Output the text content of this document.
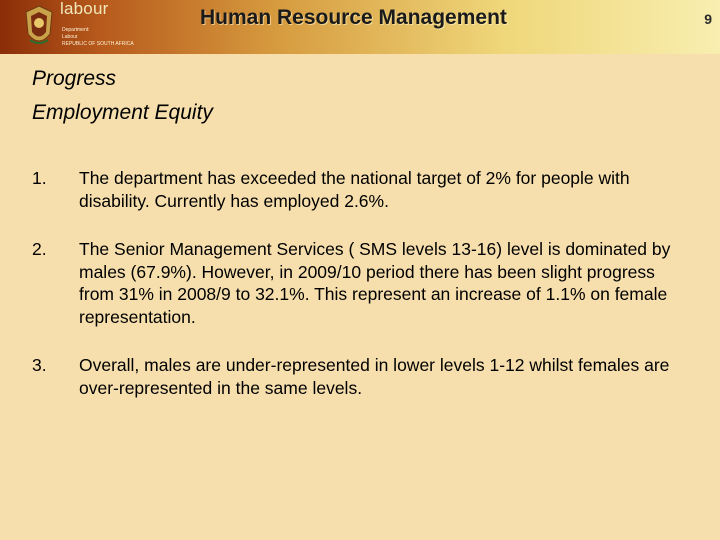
labour
Department:
Labour
REPUBLIC OF SOUTH AFRICA
Human Resource Management	9
Progress
Employment Equity
1. The department has exceeded the national target of 2% for people with disability. Currently has employed 2.6%.
2. The Senior Management Services ( SMS levels 13-16) level is dominated by males (67.9%). However, in 2009/10 period there has been slight progress from 31% in 2008/9 to 32.1%. This represent an increase of 1.1% on female representation.
3. Overall, males are under-represented in lower levels 1-12 whilst females are over-represented in the same levels.
